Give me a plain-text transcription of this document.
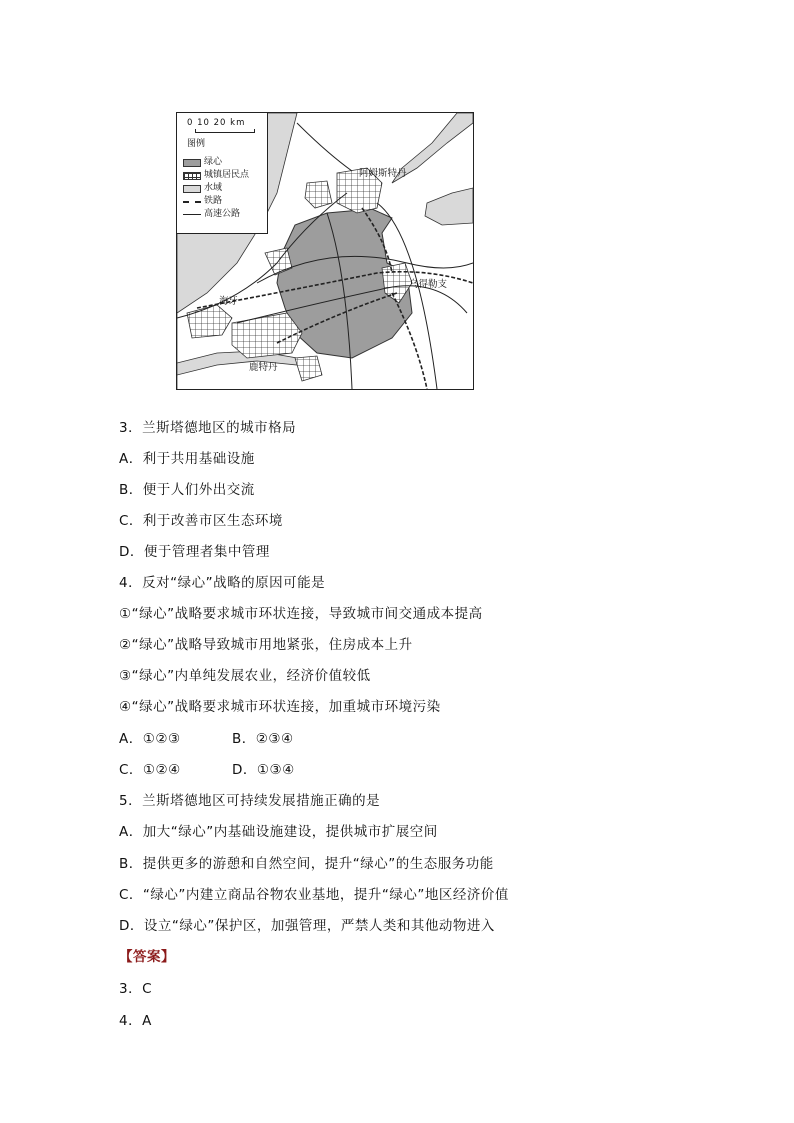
0 10 20 km
图例
绿心
城镇居民点
水域
铁路
高速公路
阿姆斯特丹
乌得勒支
海牙
鹿特丹
3．兰斯塔德地区的城市格局
A．利于共用基础设施
B．便于人们外出交流
C．利于改善市区生态环境
D．便于管理者集中管理
4．反对“绿心”战略的原因可能是
①“绿心”战略要求城市环状连接，导致城市间交通成本提高
②“绿心”战略导致城市用地紧张，住房成本上升
③“绿心”内单纯发展农业，经济价值较低
④“绿心”战略要求城市环状连接，加重城市环境污染
A．①②③	B．②③④
C．①②④	D．①③④
5．兰斯塔德地区可持续发展措施正确的是
A．加大“绿心”内基础设施建设，提供城市扩展空间
B．提供更多的游憩和自然空间，提升“绿心”的生态服务功能
C．“绿心”内建立商品谷物农业基地，提升“绿心”地区经济价值
D．设立“绿心”保护区，加强管理，严禁人类和其他动物进入
【答案】
3．C
4．A
